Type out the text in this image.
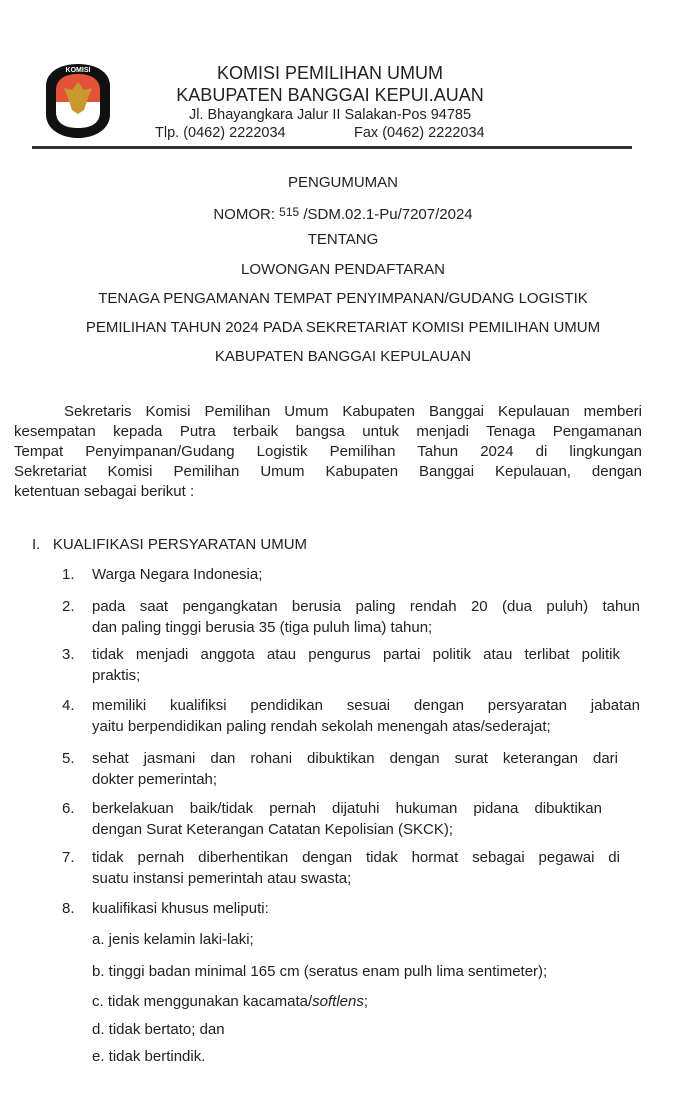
KOMISI	KOMISI PEMILIHAN UMUM
KABUPATEN BANGGAI KEPUI.AUAN
Jl. Bhayangkara Jalur II Salakan-Pos 94785
Tlp. (0462) 2222034	Fax (0462) 2222034
PENGUMUMAN
NOMOR: $^{515}$ /SDM.02.1-Pu/7207/2024
TENTANG
LOWONGAN PENDAFTARAN
TENAGA PENGAMANAN TEMPAT PENYIMPANAN/GUDANG LOGISTIK
PEMILIHAN TAHUN 2024 PADA SEKRETARIAT KOMISI PEMILIHAN UMUM
KABUPATEN BANGGAI KEPULAUAN
Sekretaris Komisi Pemilihan Umum Kabupaten Banggai Kepulauan memberi
kesempatan kepada Putra terbaik bangsa untuk menjadi Tenaga Pengamanan
Tempat Penyimpanan/Gudang Logistik Pemilihan Tahun 2024 di lingkungan
Sekretariat Komisi Pemilihan Umum Kabupaten Banggai Kepulauan, dengan
ketentuan sebagai berikut :
I.   KUALIFIKASI PERSYARATAN UMUM
1. Warga Negara Indonesia;
2. pada saat pengangkatan berusia paling rendah 20 (dua puluh) tahun
dan paling tinggi berusia 35 (tiga puluh lima) tahun;
3. tidak menjadi anggota atau pengurus partai politik atau terlibat politik
praktis;
4. memiliki kualifiksi pendidikan sesuai dengan persyaratan jabatan
yaitu berpendidikan paling rendah sekolah menengah atas/sederajat;
5. sehat jasmani dan rohani dibuktikan dengan surat keterangan dari
dokter pemerintah;
6. berkelakuan baik/tidak pernah dijatuhi hukuman pidana dibuktikan
dengan Surat Keterangan Catatan Kepolisian (SKCK);
7. tidak pernah diberhentikan dengan tidak hormat sebagai pegawai di
suatu instansi pemerintah atau swasta;
8. kualifikasi khusus meliputi:
a. jenis kelamin laki-laki;
b. tinggi badan minimal 165 cm (seratus enam pulh lima sentimeter);
c. tidak menggunakan kacamata/softlens;
d. tidak bertato; dan
e. tidak bertindik.
